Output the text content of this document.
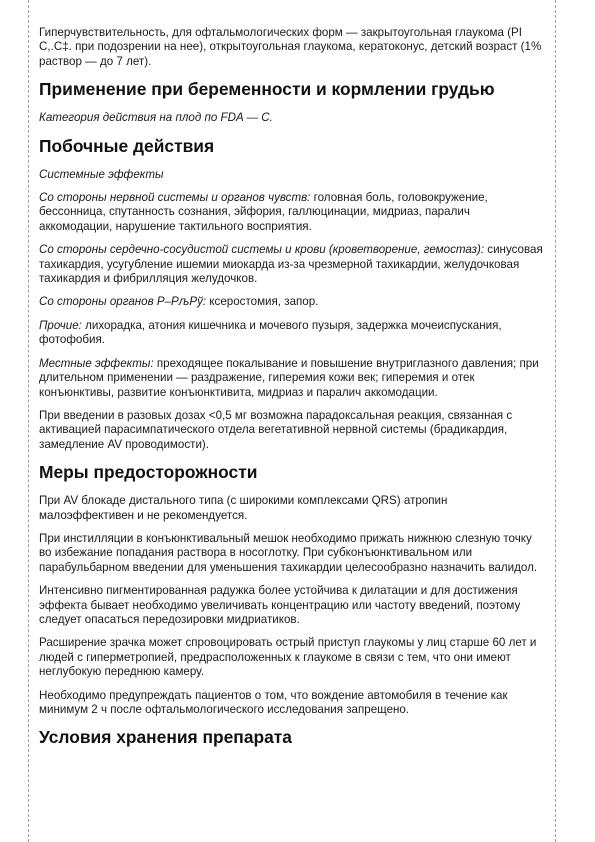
Гиперчувствительность, для офтальмологических форм — закрытоугольная глаукома (PI С,.С‡. при подозрении на нее), открытоугольная глаукома, кератоконус, детский возраст (1% раствор — до 7 лет).

Применение при беременности и кормлении грудью

Категория действия на плод по FDA — C.

Побочные действия

Системные эффекты

Со стороны нервной системы и органов чувств: головная боль, головокружение, бессонница, спутанность сознания, эйфория, галлюцинации, мидриаз, паралич аккомодации, нарушение тактильного восприятия.

Со стороны сердечно-сосудистой системы и крови (кроветворение, гемостаз): синусовая тахикардия, усугубление ишемии миокарда из-за чрезмерной тахикардии, желудочковая тахикардия и фибрилляция желудочков.

Со стороны органов Р–РљРў: ксеростомия, запор.

Прочие: лихорадка, атония кишечника и мочевого пузыря, задержка мочеиспускания, фотофобия.

Местные эффекты: преходящее покалывание и повышение внутриглазного давления; при длительном применении — раздражение, гиперемия кожи век; гиперемия и отек конъюнктивы, развитие конъюнктивита, мидриаз и паралич аккомодации.

При введении в разовых дозах <0,5 мг возможна парадоксальная реакция, связанная с активацией парасимпатического отдела вегетативной нервной системы (брадикардия, замедление AV проводимости).

Меры предосторожности

При AV блокаде дистального типа (с широкими комплексами QRS) атропин малоэффективен и не рекомендуется.

При инстилляции в конъюнктивальный мешок необходимо прижать нижнюю слезную точку во избежание попадания раствора в носоглотку. При субконъюнктивальном или парабульбарном введении для уменьшения тахикардии целесообразно назначить валидол.

Интенсивно пигментированная радужка более устойчива к дилатации и для достижения эффекта бывает необходимо увеличивать концентрацию или частоту введений, поэтому следует опасаться передозировки мидриатиков.

Расширение зрачка может спровоцировать острый приступ глаукомы у лиц старше 60 лет и людей с гиперметропией, предрасположенных к глаукоме в связи с тем, что они имеют неглубокую переднюю камеру.

Необходимо предупреждать пациентов о том, что вождение автомобиля в течение как минимум 2 ч после офтальмологического исследования запрещено.

Условия хранения препарата
